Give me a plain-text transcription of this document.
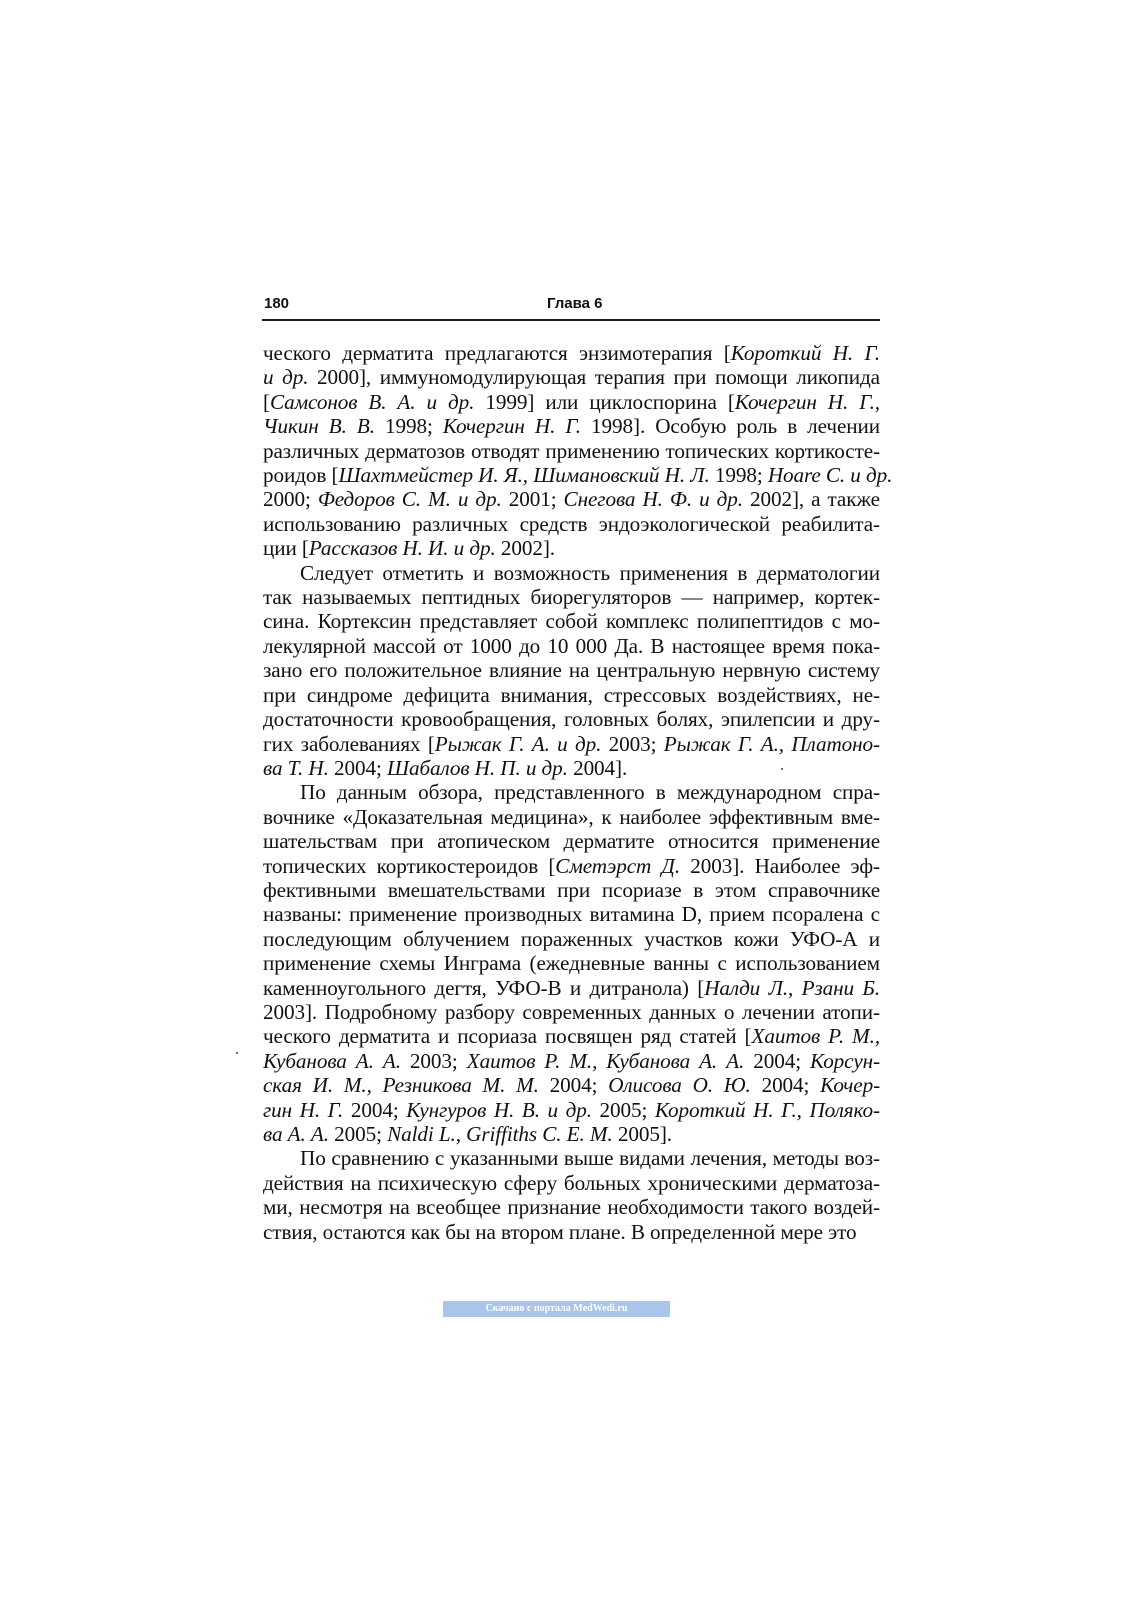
180	Глава 6

ческого дерматита предлагаются энзимотерапия [Короткий Н. Г.
и др. 2000], иммуномодулирующая терапия при помощи ликопида
[Самсонов В. А. и др. 1999] или циклоспорина [Кочергин Н. Г.,
Чикин В. В. 1998; Кочергин Н. Г. 1998]. Особую роль в лечении
различных дерматозов отводят применению топических кортикосте-
роидов [Шахтмейстер И. Я., Шимановский Н. Л. 1998; Hoare C. и др.
2000; Федоров С. М. и др. 2001; Снегова Н. Ф. и др. 2002], а также
использованию различных средств эндоэкологической реабилита-
ции [Рассказов Н. И. и др. 2002].

Следует отметить и возможность применения в дерматологии
так называемых пептидных биорегуляторов — например, кортек-
сина. Кортексин представляет собой комплекс полипептидов с мо-
лекулярной массой от 1000 до 10 000 Да. В настоящее время пока-
зано его положительное влияние на центральную нервную систему
при синдроме дефицита внимания, стрессовых воздействиях, не-
достаточности кровообращения, головных болях, эпилепсии и дру-
гих заболеваниях [Рыжак Г. А. и др. 2003; Рыжак Г. А., Платоно-
ва Т. Н. 2004; Шабалов Н. П. и др. 2004].

По данным обзора, представленного в международном спра-
вочнике «Доказательная медицина», к наиболее эффективным вме-
шательствам при атопическом дерматите относится применение
топических кортикостероидов [Сметэрст Д. 2003]. Наиболее эф-
фективными вмешательствами при псориазе в этом справочнике
названы: применение производных витамина D, прием псоралена с
последующим облучением пораженных участков кожи УФО-А и
применение схемы Инграма (ежедневные ванны с использованием
каменноугольного дегтя, УФО-В и дитранола) [Налди Л., Рзани Б.
2003]. Подробному разбору современных данных о лечении атопи-
ческого дерматита и псориаза посвящен ряд статей [Хаитов Р. М.,
Кубанова А. А. 2003; Хаитов Р. М., Кубанова А. А. 2004; Корсун-
ская И. М., Резникова М. М. 2004; Олисова О. Ю. 2004; Кочер-
гин Н. Г. 2004; Кунгуров Н. В. и др. 2005; Короткий Н. Г., Поляко-
ва А. А. 2005; Naldi L., Griffiths C. E. M. 2005].

По сравнению с указанными выше видами лечения, методы воз-
действия на психическую сферу больных хроническими дерматоза-
ми, несмотря на всеобщее признание необходимости такого воздей-
ствия, остаются как бы на втором плане. В определенной мере это

Скачано с портала MedWedi.ru
